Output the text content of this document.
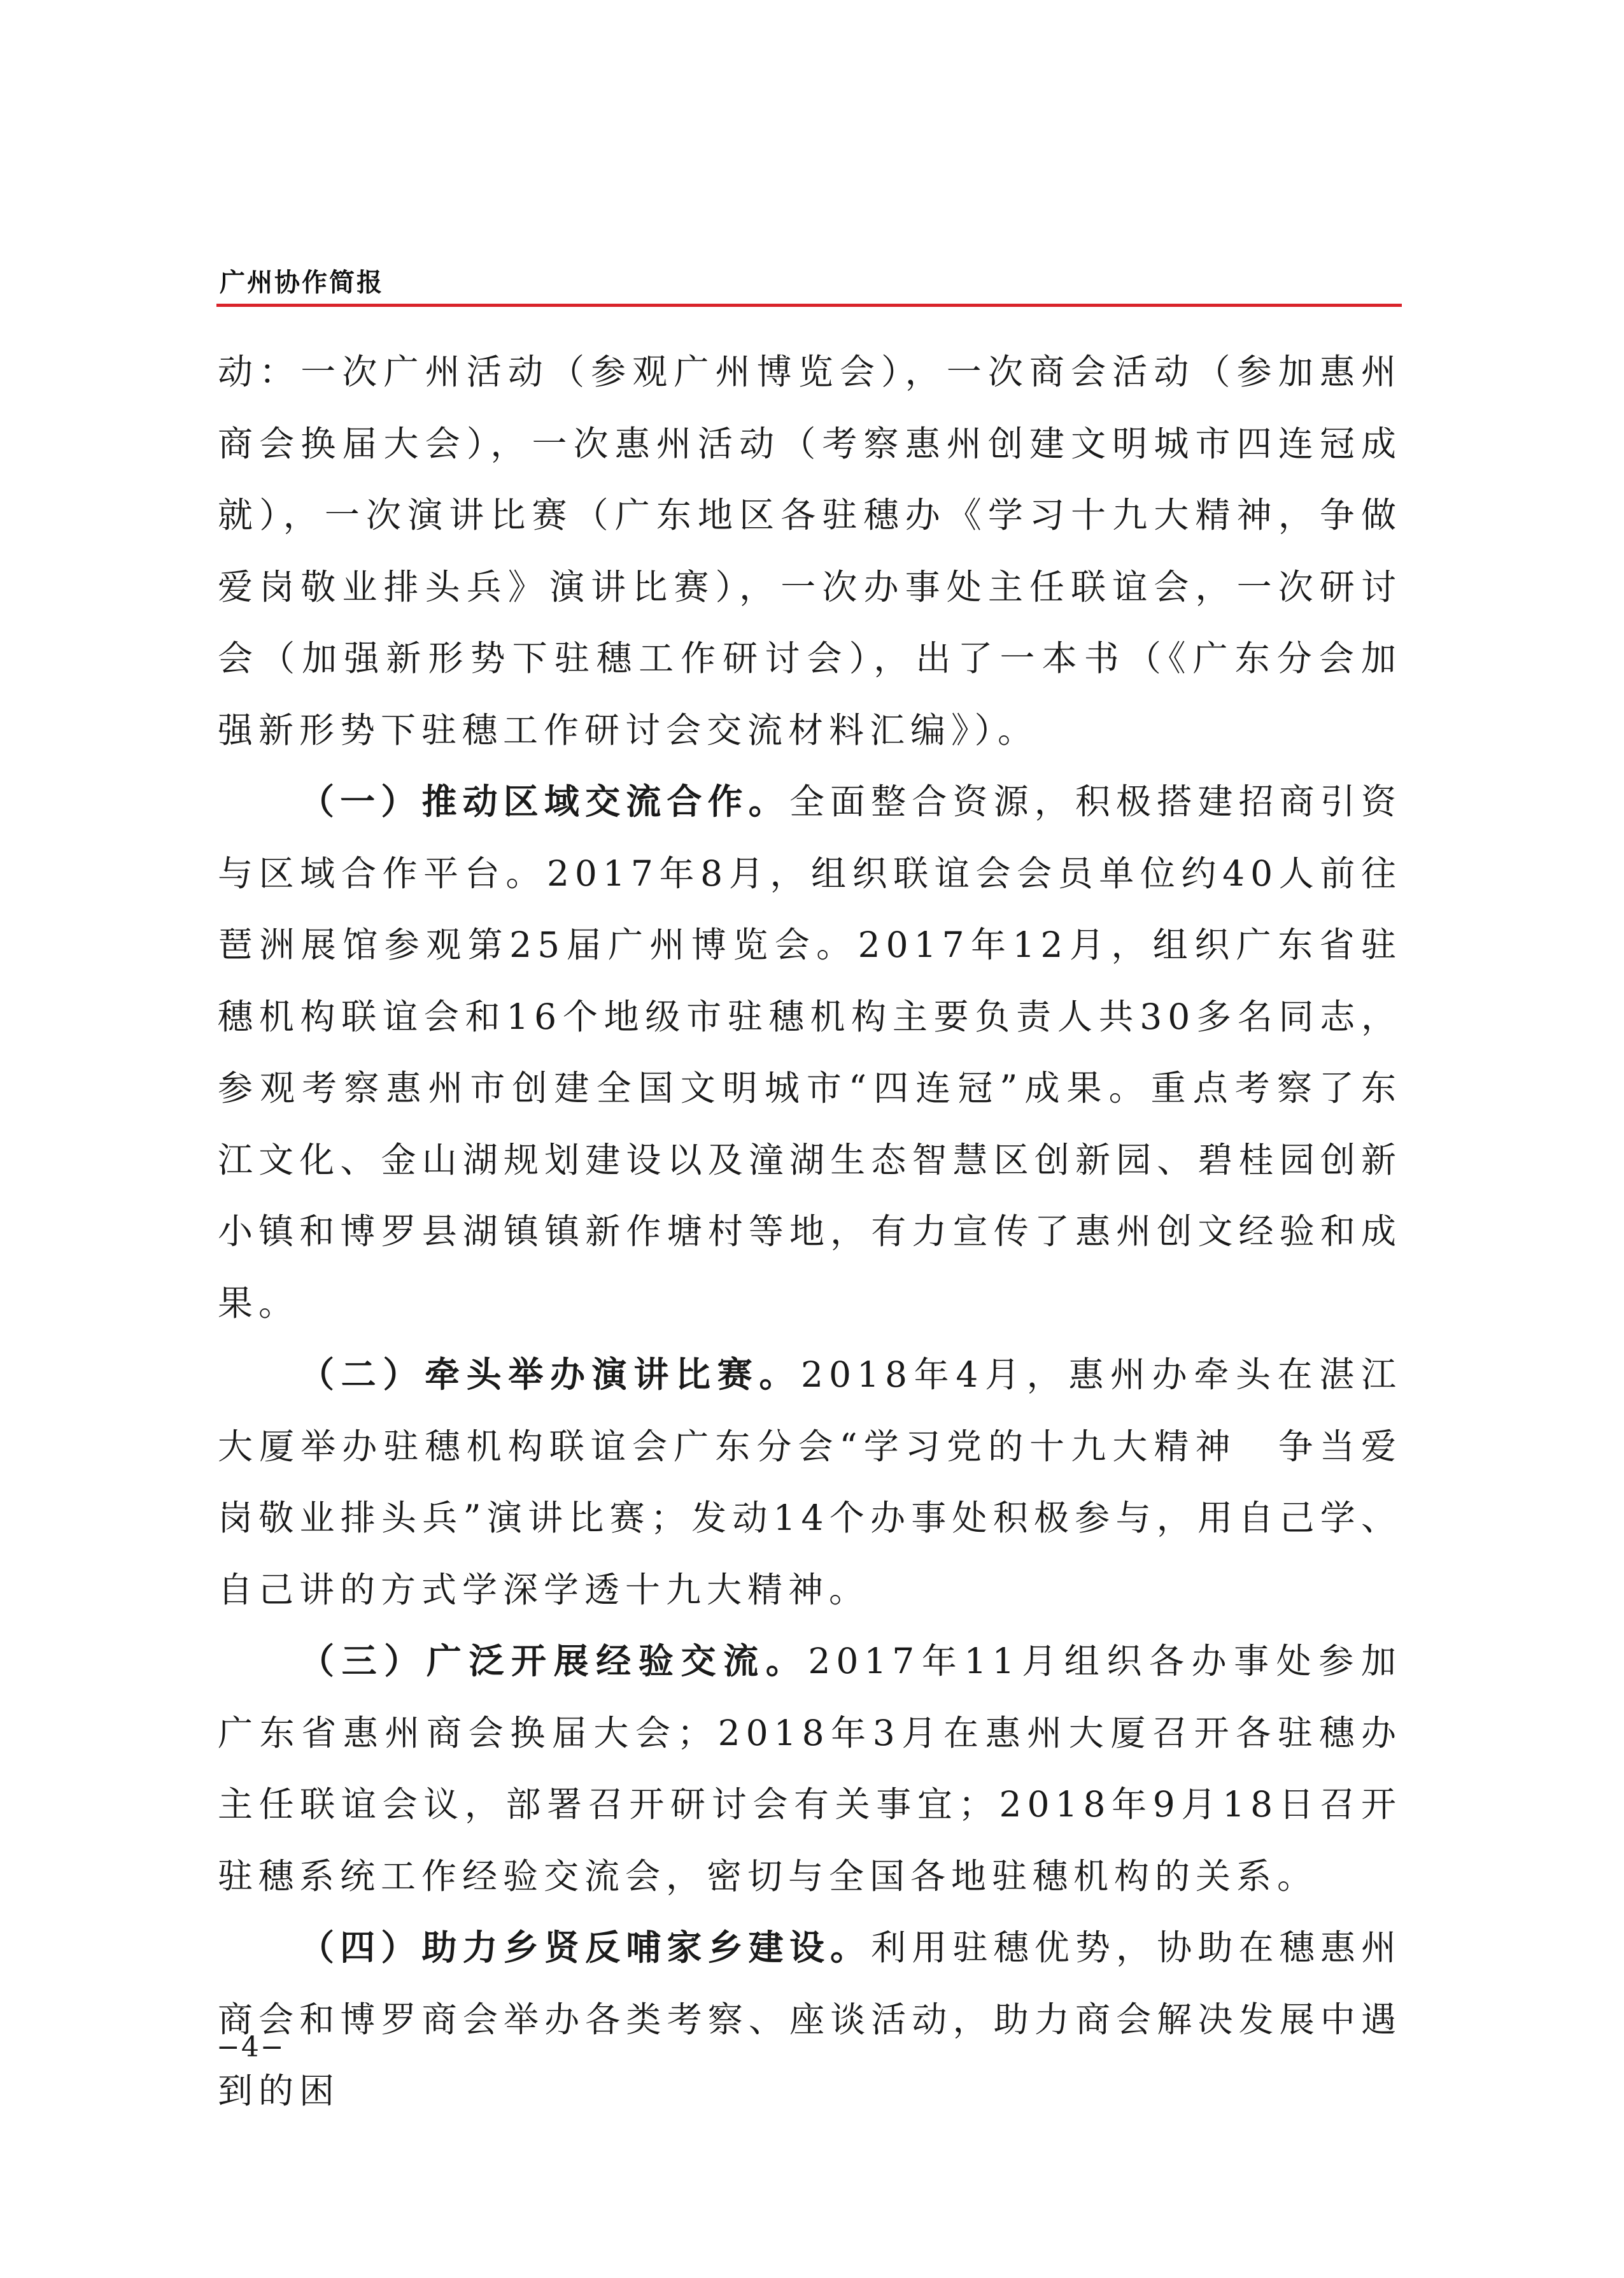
广州协作简报

动：一次广州活动（参观广州博览会），一次商会活动（参加惠州商会换届大会），一次惠州活动（考察惠州创建文明城市四连冠成就），一次演讲比赛（广东地区各驻穗办《学习十九大精神，争做爱岗敬业排头兵》演讲比赛），一次办事处主任联谊会，一次研讨会（加强新形势下驻穗工作研讨会），出了一本书（《广东分会加强新形势下驻穗工作研讨会交流材料汇编》）。

（一）推动区域交流合作。全面整合资源，积极搭建招商引资与区域合作平台。2017年8月，组织联谊会会员单位约40人前往琶洲展馆参观第25届广州博览会。2017年12月，组织广东省驻穗机构联谊会和16个地级市驻穗机构主要负责人共30多名同志，参观考察惠州市创建全国文明城市“四连冠”成果。重点考察了东江文化、金山湖规划建设以及潼湖生态智慧区创新园、碧桂园创新小镇和博罗县湖镇镇新作塘村等地，有力宣传了惠州创文经验和成果。

（二）牵头举办演讲比赛。2018年4月，惠州办牵头在湛江大厦举办驻穗机构联谊会广东分会“学习党的十九大精神　争当爱岗敬业排头兵”演讲比赛；发动14个办事处积极参与，用自己学、自己讲的方式学深学透十九大精神。

（三）广泛开展经验交流。2017年11月组织各办事处参加广东省惠州商会换届大会；2018年3月在惠州大厦召开各驻穗办主任联谊会议，部署召开研讨会有关事宜；2018年9月18日召开驻穗系统工作经验交流会，密切与全国各地驻穗机构的关系。

（四）助力乡贤反哺家乡建设。利用驻穗优势，协助在穗惠州商会和博罗商会举办各类考察、座谈活动，助力商会解决发展中遇到的困

−4−
